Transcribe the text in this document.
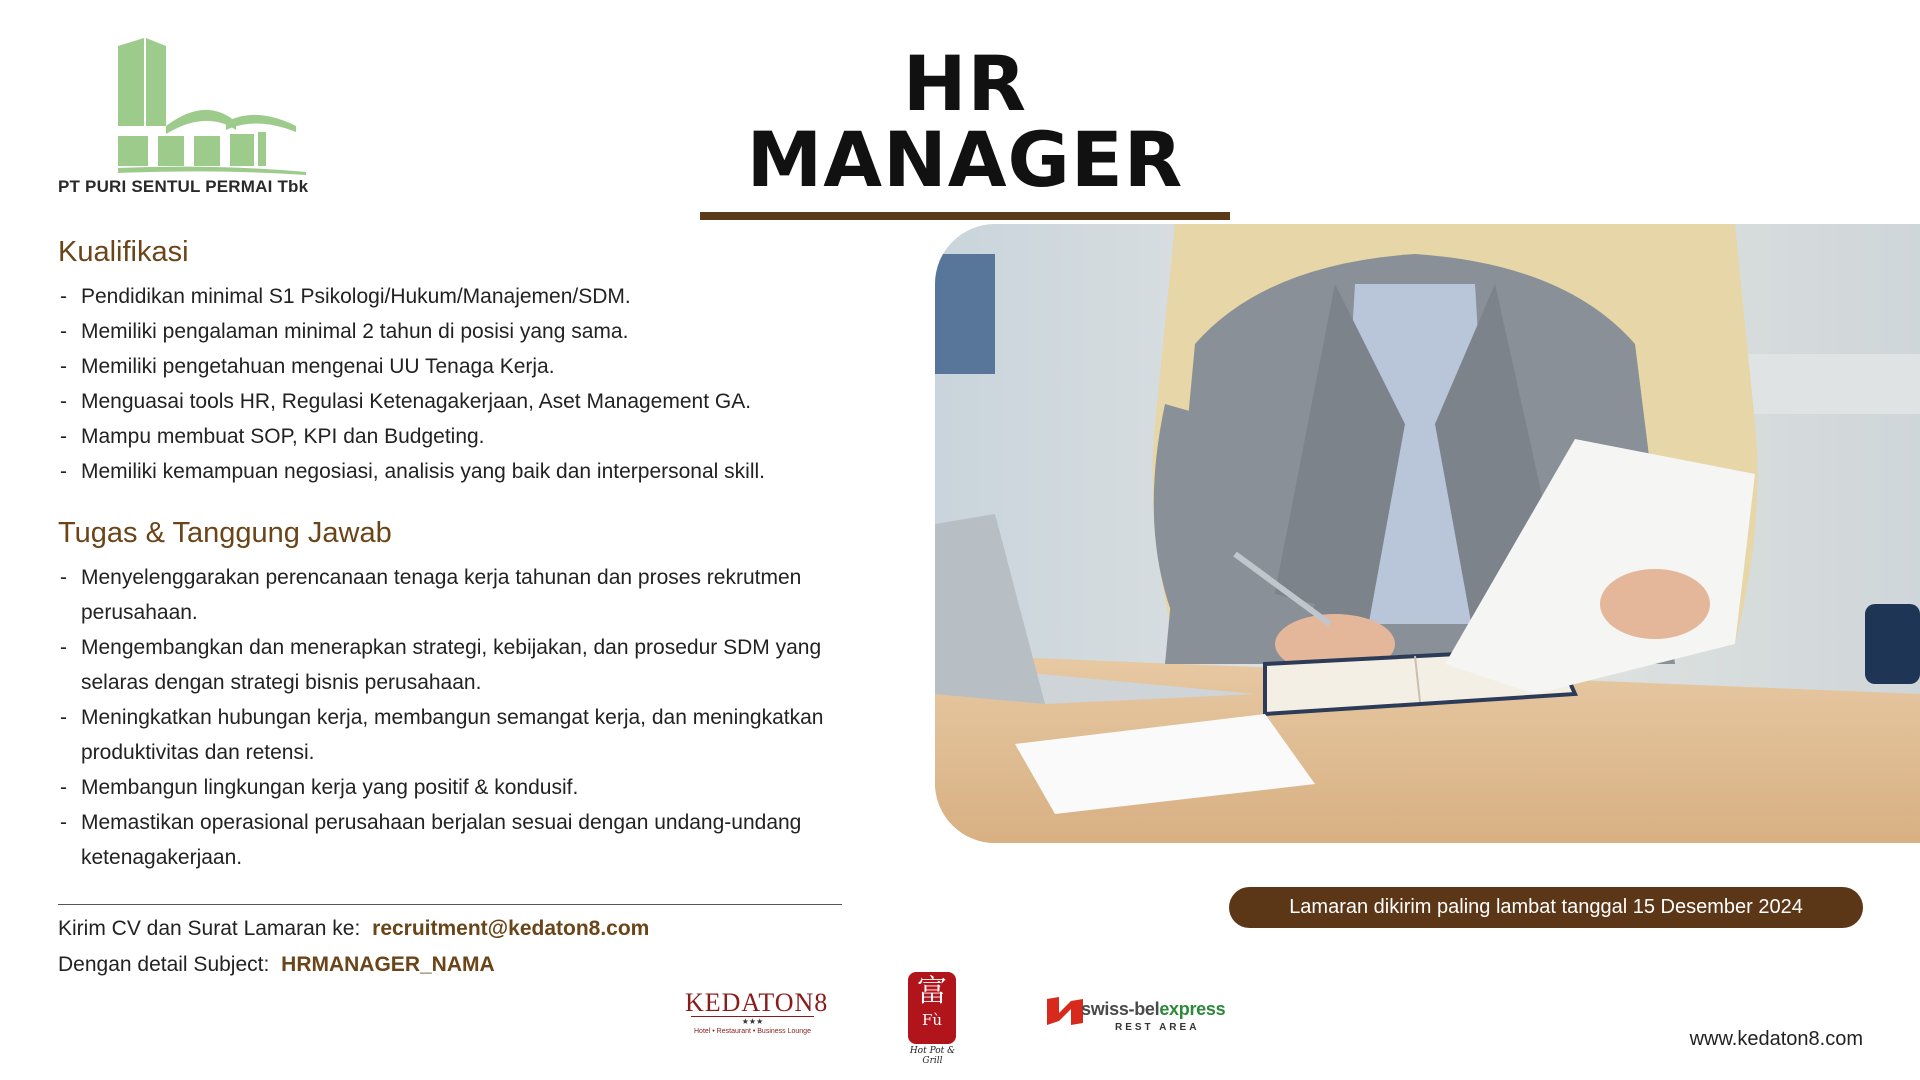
PT PURI SENTUL PERMAI Tbk
HR MANAGER
Kualifikasi
- Pendidikan minimal S1 Psikologi/Hukum/Manajemen/SDM.
- Memiliki pengalaman minimal 2 tahun di posisi yang sama.
- Memiliki pengetahuan mengenai UU Tenaga Kerja.
- Menguasai tools HR, Regulasi Ketenagakerjaan, Aset Management GA.
- Mampu membuat SOP, KPI dan Budgeting.
- Memiliki kemampuan negosiasi, analisis yang baik dan interpersonal skill.
Tugas & Tanggung Jawab
- Menyelenggarakan perencanaan tenaga kerja tahunan dan proses rekrutmen perusahaan.
- Mengembangkan dan menerapkan strategi, kebijakan, dan prosedur SDM yang selaras dengan strategi bisnis perusahaan.
- Meningkatkan hubungan kerja, membangun semangat kerja, dan meningkatkan produktivitas dan retensi.
- Membangun lingkungan kerja yang positif & kondusif.
- Memastikan operasional perusahaan berjalan sesuai dengan undang-undang ketenagakerjaan.
Kirim CV dan Surat Lamaran ke: recruitment@kedaton8.com
Dengan detail Subject: HRMANAGER_NAMA
Lamaran dikirim paling lambat tanggal 15 Desember 2024
KEDATON8
★★★
Hotel • Restaurant • Business Lounge
富
Fù
Hot Pot & Grill
swiss-belexpress
REST AREA
www.kedaton8.com
